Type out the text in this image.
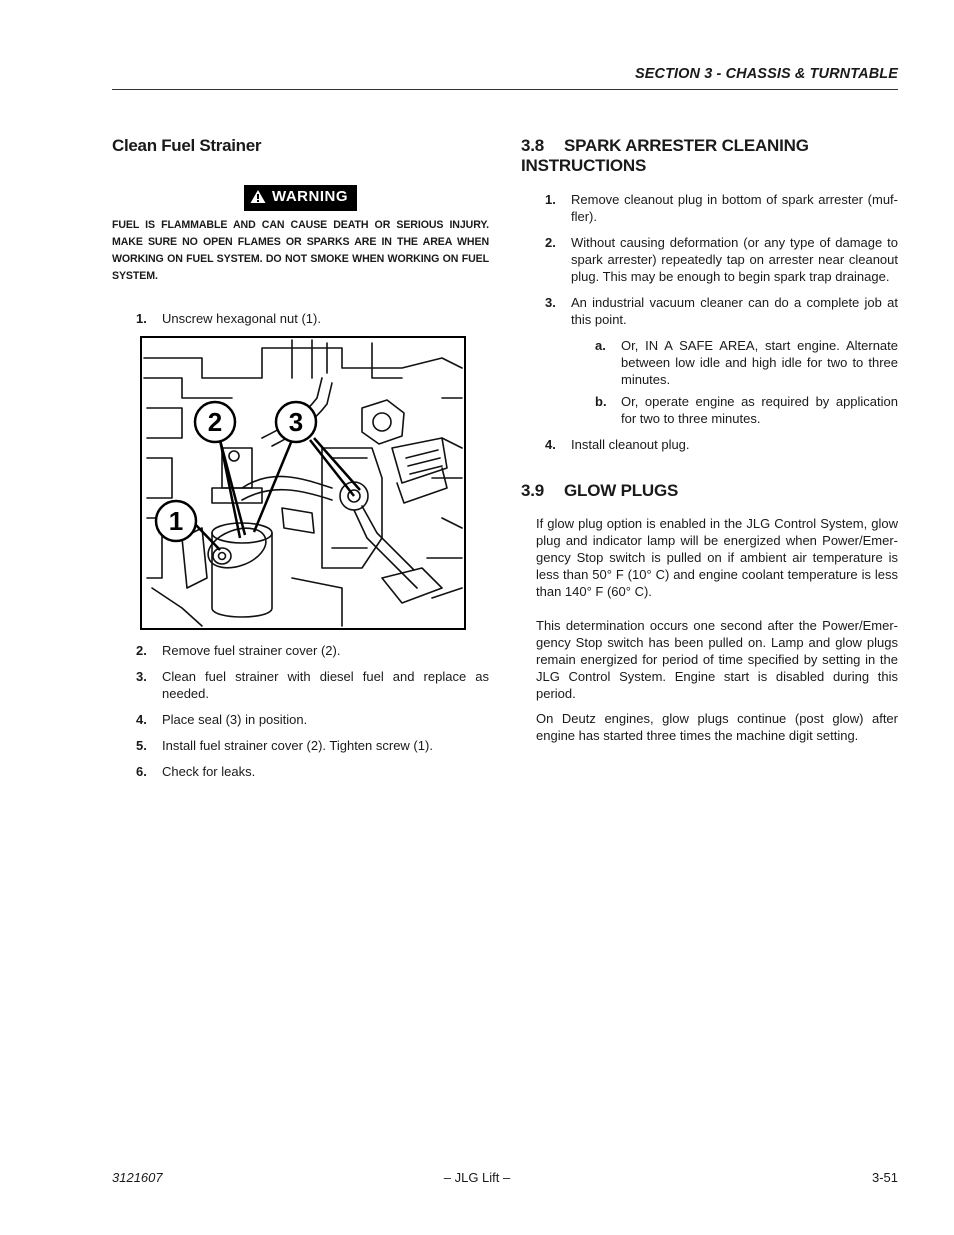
SECTION 3 - CHASSIS & TURNTABLE
Clean Fuel Strainer
WARNING
FUEL IS FLAMMABLE AND CAN CAUSE DEATH OR SERIOUS INJURY. MAKE SURE NO OPEN FLAMES OR SPARKS ARE IN THE AREA WHEN WORKING ON FUEL SYSTEM. DO NOT SMOKE WHEN WORKING ON FUEL SYSTEM.
1. Unscrew hexagonal nut (1).
1
2	3
2. Remove fuel strainer cover (2).
3. Clean fuel strainer with diesel fuel and replace as needed.
4. Place seal (3) in position.
5. Install fuel strainer cover (2). Tighten screw (1).
6. Check for leaks.
3.8 SPARK ARRESTER CLEANING INSTRUCTIONS
1. Remove cleanout plug in bottom of spark arrester (muf-fler).
2. Without causing deformation (or any type of damage to spark arrester) repeatedly tap on arrester near cleanout plug. This may be enough to begin spark trap drainage.
3. An industrial vacuum cleaner can do a complete job at this point.
a. Or, IN A SAFE AREA, start engine. Alternate between low idle and high idle for two to three minutes.
b. Or, operate engine as required by application for two to three minutes.
4. Install cleanout plug.
3.9 GLOW PLUGS

If glow plug option is enabled in the JLG Control System, glow plug and indicator lamp will be energized when Power/Emer-gency Stop switch is pulled on if ambient air temperature is less than 50° F (10° C) and engine coolant temperature is less than 140° F (60° C).

This determination occurs one second after the Power/Emer-gency Stop switch has been pulled on. Lamp and glow plugs remain energized for period of time specified by setting in the JLG Control System. Engine start is disabled during this period.

On Deutz engines, glow plugs continue (post glow) after engine has started three times the machine digit setting.

3121607	– JLG Lift –	3-51
